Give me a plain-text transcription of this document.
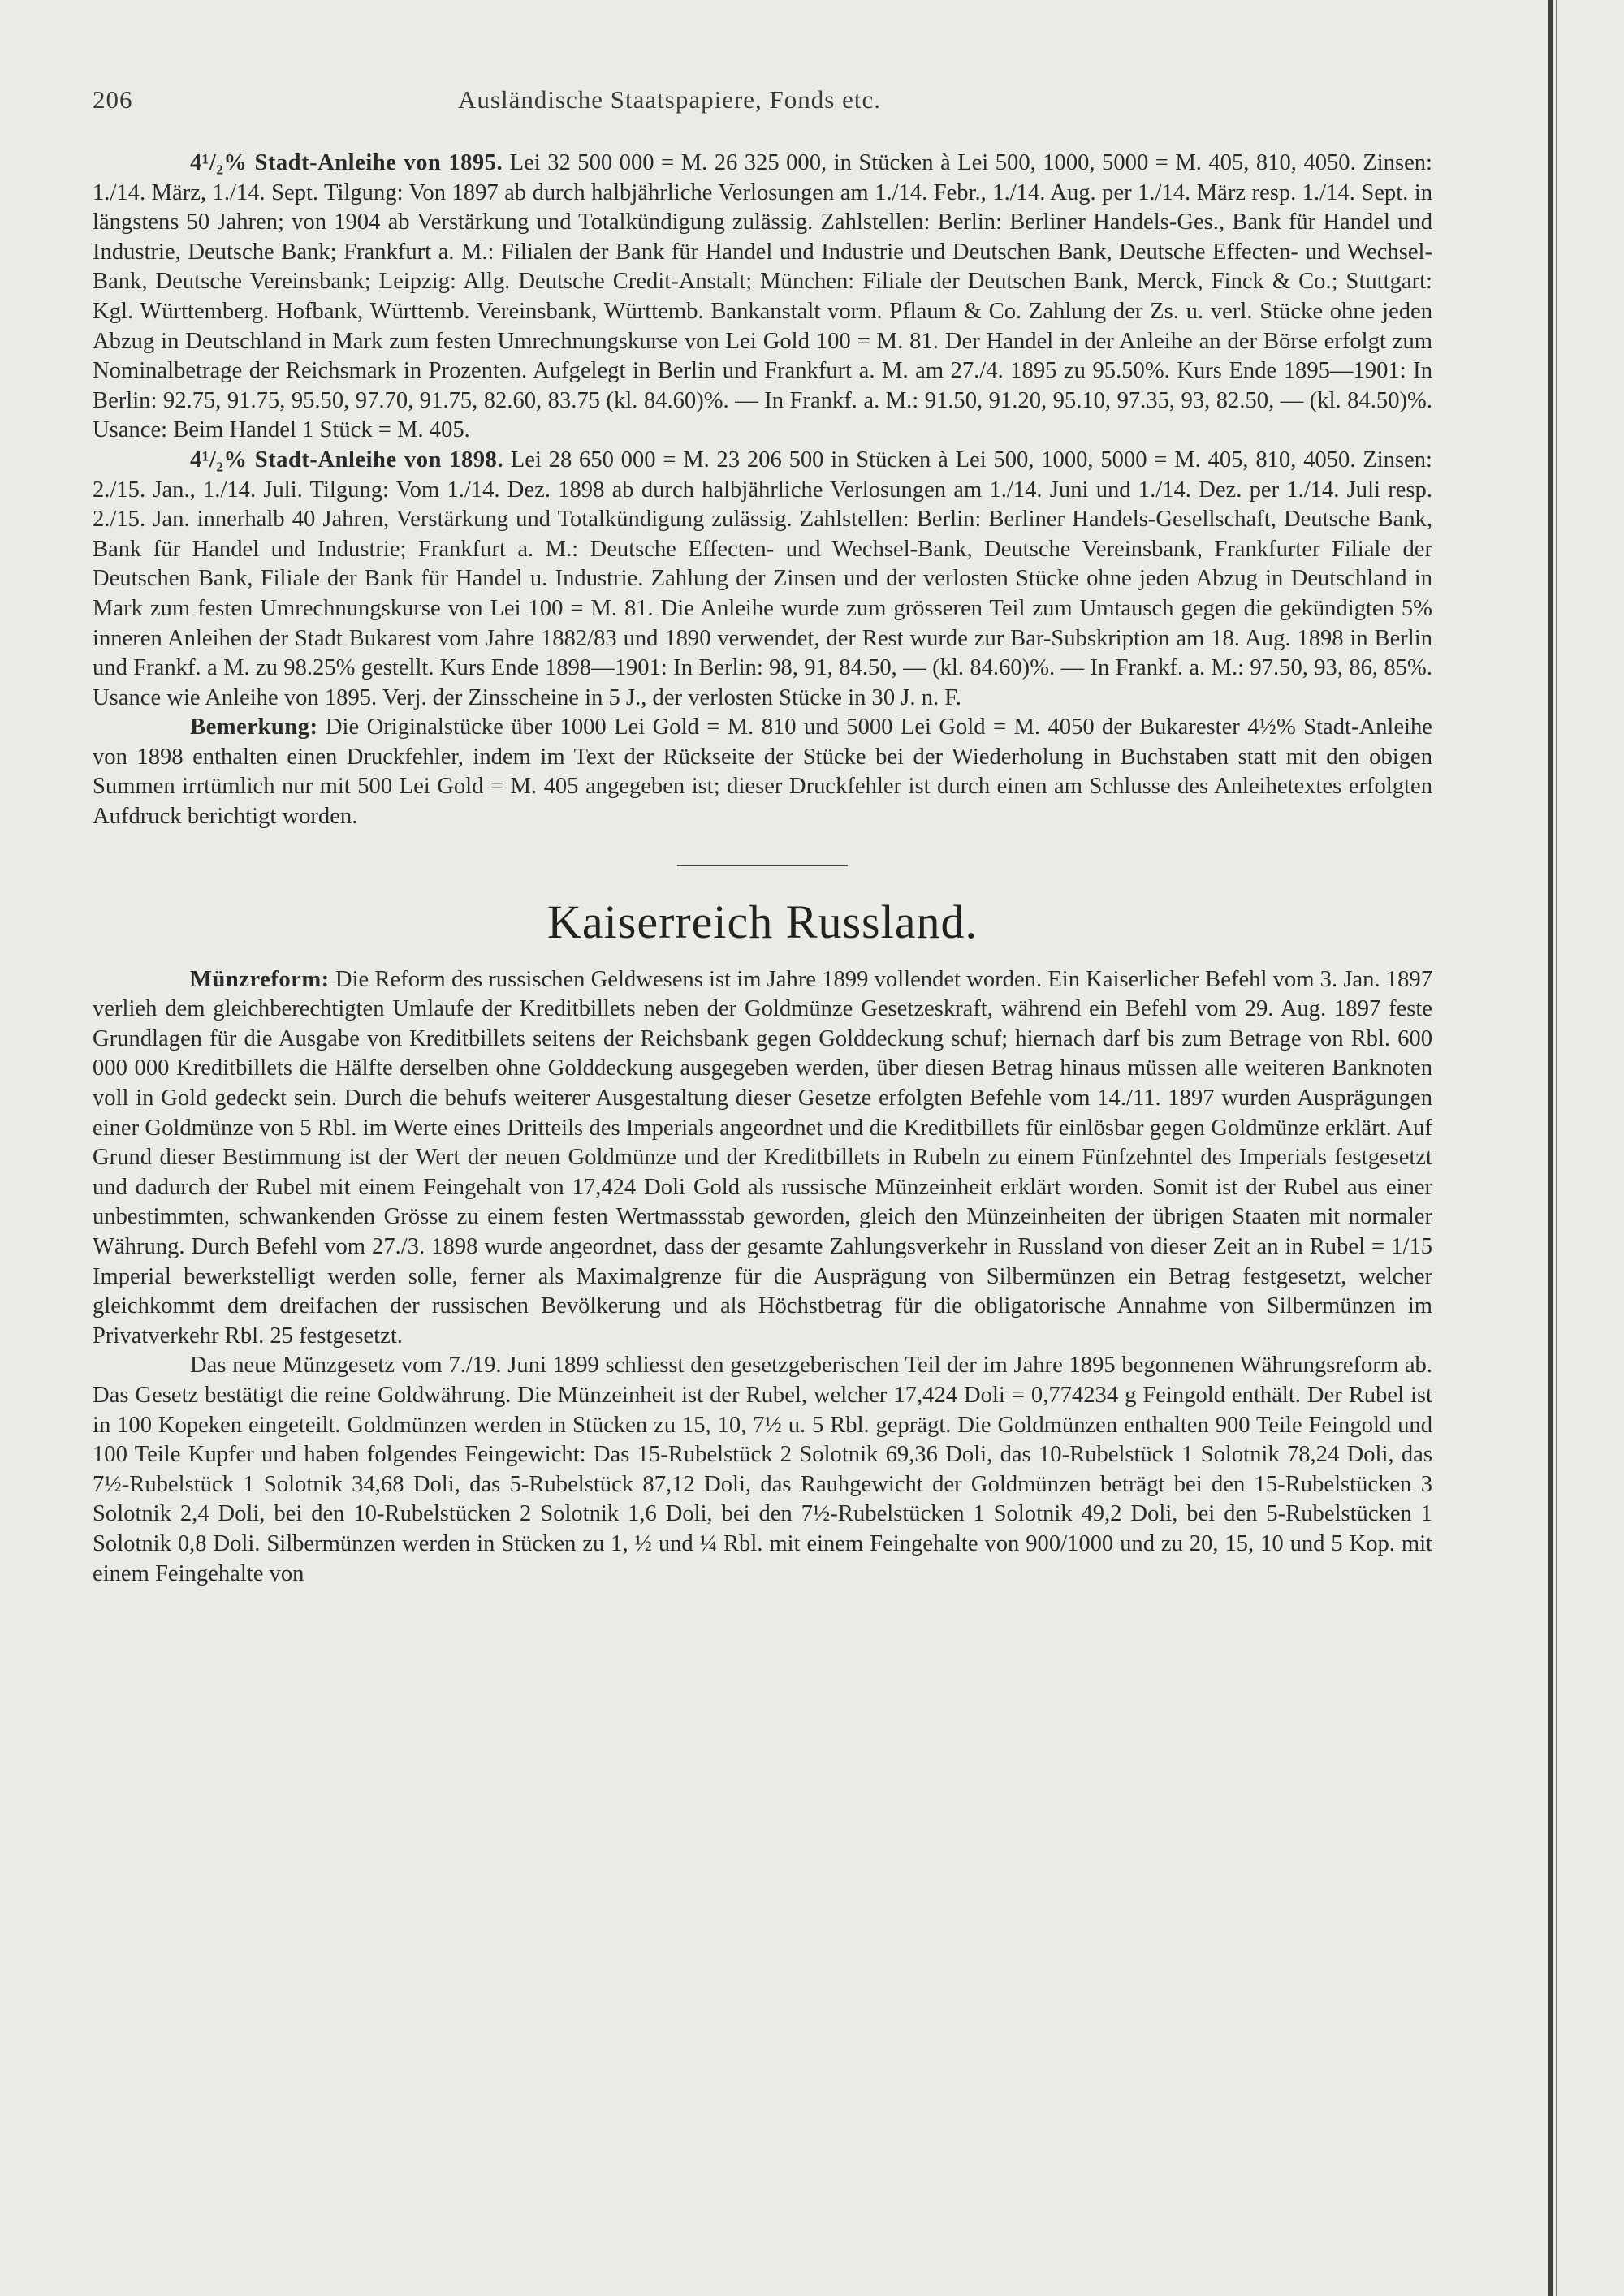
206	Ausländische Staatspapiere, Fonds etc.

4¹/₂% Stadt-Anleihe von 1895. Lei 32 500 000 = M. 26 325 000, in Stücken à Lei 500, 1000, 5000 = M. 405, 810, 4050. Zinsen: 1./14. März, 1./14. Sept. Tilgung: Von 1897 ab durch halbjährliche Verlosungen am 1./14. Febr., 1./14. Aug. per 1./14. März resp. 1./14. Sept. in längstens 50 Jahren; von 1904 ab Verstärkung und Totalkündigung zulässig. Zahlstellen: Berlin: Berliner Handels-Ges., Bank für Handel und Industrie, Deutsche Bank; Frankfurt a. M.: Filialen der Bank für Handel und Industrie und Deutschen Bank, Deutsche Effecten- und Wechsel-Bank, Deutsche Vereinsbank; Leipzig: Allg. Deutsche Credit-Anstalt; München: Filiale der Deutschen Bank, Merck, Finck & Co.; Stuttgart: Kgl. Württemberg. Hofbank, Württemb. Vereinsbank, Württemb. Bankanstalt vorm. Pflaum & Co. Zahlung der Zs. u. verl. Stücke ohne jeden Abzug in Deutschland in Mark zum festen Umrechnungskurse von Lei Gold 100 = M. 81. Der Handel in der Anleihe an der Börse erfolgt zum Nominalbetrage der Reichsmark in Prozenten. Aufgelegt in Berlin und Frankfurt a. M. am 27./4. 1895 zu 95.50%. Kurs Ende 1895—1901: In Berlin: 92.75, 91.75, 95.50, 97.70, 91.75, 82.60, 83.75 (kl. 84.60)%. — In Frankf. a. M.: 91.50, 91.20, 95.10, 97.35, 93, 82.50, — (kl. 84.50)%. Usance: Beim Handel 1 Stück = M. 405.

4¹/₂% Stadt-Anleihe von 1898. Lei 28 650 000 = M. 23 206 500 in Stücken à Lei 500, 1000, 5000 = M. 405, 810, 4050. Zinsen: 2./15. Jan., 1./14. Juli. Tilgung: Vom 1./14. Dez. 1898 ab durch halbjährliche Verlosungen am 1./14. Juni und 1./14. Dez. per 1./14. Juli resp. 2./15. Jan. innerhalb 40 Jahren, Verstärkung und Totalkündigung zulässig. Zahlstellen: Berlin: Berliner Handels-Gesellschaft, Deutsche Bank, Bank für Handel und Industrie; Frankfurt a. M.: Deutsche Effecten- und Wechsel-Bank, Deutsche Vereinsbank, Frankfurter Filiale der Deutschen Bank, Filiale der Bank für Handel u. Industrie. Zahlung der Zinsen und der verlosten Stücke ohne jeden Abzug in Deutschland in Mark zum festen Umrechnungskurse von Lei 100 = M. 81. Die Anleihe wurde zum grösseren Teil zum Umtausch gegen die gekündigten 5% inneren Anleihen der Stadt Bukarest vom Jahre 1882/83 und 1890 verwendet, der Rest wurde zur Bar-Subskription am 18. Aug. 1898 in Berlin und Frankf. a M. zu 98.25% gestellt. Kurs Ende 1898—1901: In Berlin: 98, 91, 84.50, — (kl. 84.60)%. — In Frankf. a. M.: 97.50, 93, 86, 85%. Usance wie Anleihe von 1895. Verj. der Zinsscheine in 5 J., der verlosten Stücke in 30 J. n. F.

Bemerkung: Die Originalstücke über 1000 Lei Gold = M. 810 und 5000 Lei Gold = M. 4050 der Bukarester 4½% Stadt-Anleihe von 1898 enthalten einen Druckfehler, indem im Text der Rückseite der Stücke bei der Wiederholung in Buchstaben statt mit den obigen Summen irrtümlich nur mit 500 Lei Gold = M. 405 angegeben ist; dieser Druckfehler ist durch einen am Schlusse des Anleihetextes erfolgten Aufdruck berichtigt worden.

Kaiserreich Russland.

Münzreform: Die Reform des russischen Geldwesens ist im Jahre 1899 vollendet worden. Ein Kaiserlicher Befehl vom 3. Jan. 1897 verlieh dem gleichberechtigten Umlaufe der Kreditbillets neben der Goldmünze Gesetzeskraft, während ein Befehl vom 29. Aug. 1897 feste Grundlagen für die Ausgabe von Kreditbillets seitens der Reichsbank gegen Golddeckung schuf; hiernach darf bis zum Betrage von Rbl. 600 000 000 Kreditbillets die Hälfte derselben ohne Golddeckung ausgegeben werden, über diesen Betrag hinaus müssen alle weiteren Banknoten voll in Gold gedeckt sein. Durch die behufs weiterer Ausgestaltung dieser Gesetze erfolgten Befehle vom 14./11. 1897 wurden Ausprägungen einer Goldmünze von 5 Rbl. im Werte eines Dritteils des Imperials angeordnet und die Kreditbillets für einlösbar gegen Goldmünze erklärt. Auf Grund dieser Bestimmung ist der Wert der neuen Goldmünze und der Kreditbillets in Rubeln zu einem Fünfzehntel des Imperials festgesetzt und dadurch der Rubel mit einem Feingehalt von 17,424 Doli Gold als russische Münzeinheit erklärt worden. Somit ist der Rubel aus einer unbestimmten, schwankenden Grösse zu einem festen Wertmassstab geworden, gleich den Münzeinheiten der übrigen Staaten mit normaler Währung. Durch Befehl vom 27./3. 1898 wurde angeordnet, dass der gesamte Zahlungsverkehr in Russland von dieser Zeit an in Rubel = 1/15 Imperial bewerkstelligt werden solle, ferner als Maximalgrenze für die Ausprägung von Silbermünzen ein Betrag festgesetzt, welcher gleichkommt dem dreifachen der russischen Bevölkerung und als Höchstbetrag für die obligatorische Annahme von Silbermünzen im Privatverkehr Rbl. 25 festgesetzt.

Das neue Münzgesetz vom 7./19. Juni 1899 schliesst den gesetzgeberischen Teil der im Jahre 1895 begonnenen Währungsreform ab. Das Gesetz bestätigt die reine Goldwährung. Die Münzeinheit ist der Rubel, welcher 17,424 Doli = 0,774234 g Feingold enthält. Der Rubel ist in 100 Kopeken eingeteilt. Goldmünzen werden in Stücken zu 15, 10, 7½ u. 5 Rbl. geprägt. Die Goldmünzen enthalten 900 Teile Feingold und 100 Teile Kupfer und haben folgendes Feingewicht: Das 15-Rubelstück 2 Solotnik 69,36 Doli, das 10-Rubelstück 1 Solotnik 78,24 Doli, das 7½-Rubelstück 1 Solotnik 34,68 Doli, das 5-Rubelstück 87,12 Doli, das Rauhgewicht der Goldmünzen beträgt bei den 15-Rubelstücken 3 Solotnik 2,4 Doli, bei den 10-Rubelstücken 2 Solotnik 1,6 Doli, bei den 7½-Rubelstücken 1 Solotnik 49,2 Doli, bei den 5-Rubelstücken 1 Solotnik 0,8 Doli. Silbermünzen werden in Stücken zu 1, ½ und ¼ Rbl. mit einem Feingehalte von 900/1000 und zu 20, 15, 10 und 5 Kop. mit einem Feingehalte von
